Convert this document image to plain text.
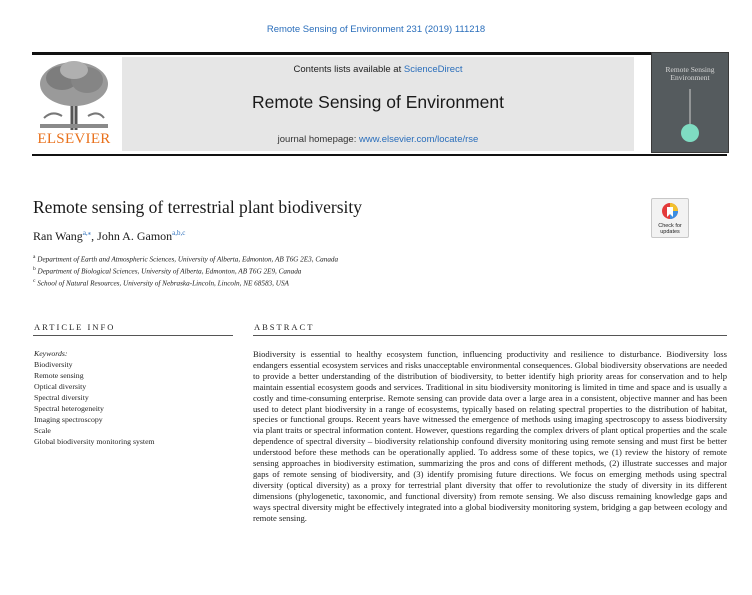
Remote Sensing of Environment 231 (2019) 111218
ELSEVIER
Contents lists available at ScienceDirect
Remote Sensing of Environment
journal homepage: www.elsevier.com/locate/rse
Remote Sensing
Environment
Remote sensing of terrestrial plant biodiversity
Check for
updates
Ran Wang$^{a,⁎}$, John A. Gamon$^{a,b,c}$
$^a$ Department of Earth and Atmospheric Sciences, University of Alberta, Edmonton, AB T6G 2E3, Canada
$^b$ Department of Biological Sciences, University of Alberta, Edmonton, AB T6G 2E9, Canada
$^c$ School of Natural Resources, University of Nebraska-Lincoln, Lincoln, NE 68583, USA
ARTICLE INFO
Keywords:
Biodiversity
Remote sensing
Optical diversity
Spectral diversity
Spectral heterogeneity
Imaging spectroscopy
Scale
Global biodiversity monitoring system
ABSTRACT
Biodiversity is essential to healthy ecosystem function, influencing productivity and resilience to disturbance. Biodiversity loss endangers essential ecosystem services and risks unacceptable environmental consequences. Global biodiversity observations are needed to provide a better understanding of the distribution of biodiversity, to better identify high priority areas for conservation and to help maintain essential ecosystem goods and services. Traditional in situ biodiversity monitoring is limited in time and space and is usually a costly and time-consuming enterprise. Remote sensing can provide data over a large area in a consistent, objective manner and has been used to detect plant biodiversity in a range of ecosystems, typically based on relating spectral properties to the distribution of habitat, species or functional groups. Recent years have witnessed the emergence of methods using imaging spectroscopy to assess biodiversity via plant traits or spectral information content. However, questions regarding the complex drivers of plant optical properties and the scale dependence of spectral diversity – biodiversity relationship confound diversity monitoring using remote sensing and must first be better understood before these methods can be operationally applied. To address some of these topics, we (1) review the history of remote sensing approaches in biodiversity estimation, summarizing the pros and cons of different methods, (2) illustrate successes and major gaps of remote sensing of biodiversity, and (3) identify promising future directions. We focus on emerging methods using spectral diversity (optical diversity) as a proxy for terrestrial plant diversity that offer to revolutionize the study of diversity in its different dimensions (phylogenetic, taxonomic, and functional diversity) from remote sensing. We also discuss remaining knowledge gaps and ways spectral diversity might be effectively integrated into a global biodiversity monitoring system, bridging a gap between ecology and remote sensing.
